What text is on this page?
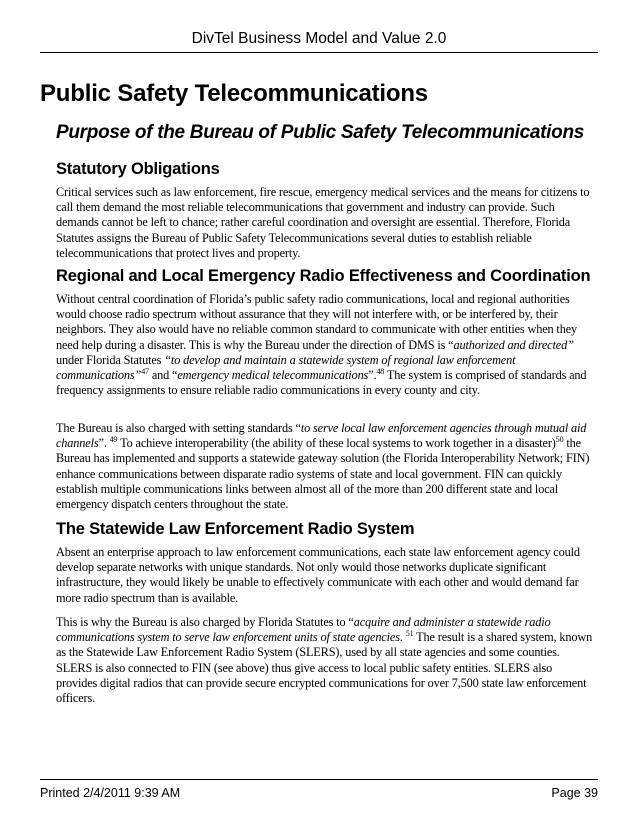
DivTel Business Model and Value 2.0
Public Safety Telecommunications
Purpose of the Bureau of Public Safety Telecommunications
Statutory Obligations

Critical services such as law enforcement, fire rescue, emergency medical services and the means for citizens to call them demand the most reliable telecommunications that government and industry can provide. Such demands cannot be left to chance; rather careful coordination and oversight are essential. Therefore, Florida Statutes assigns the Bureau of Public Safety Telecommunications several duties to establish reliable telecommunications that protect lives and property.

Regional and Local Emergency Radio Effectiveness and Coordination

Without central coordination of Florida’s public safety radio communications, local and regional authorities would choose radio spectrum without assurance that they will not interfere with, or be interfered by, their neighbors. They also would have no reliable common standard to communicate with other entities when they need help during a disaster. This is why the Bureau under the direction of DMS is “authorized and directed” under Florida Statutes “to develop and maintain a statewide system of regional law enforcement communications”$^{47}$ and “emergency medical telecommunications”.$^{48}$ The system is comprised of standards and frequency assignments to ensure reliable radio communications in every county and city.

The Bureau is also charged with setting standards “to serve local law enforcement agencies through mutual aid channels”. $^{49}$ To achieve interoperability (the ability of these local systems to work together in a disaster)$^{50}$ the Bureau has implemented and supports a statewide gateway solution (the Florida Interoperability Network; FIN) enhance communications between disparate radio systems of state and local government. FIN can quickly establish multiple communications links between almost all of the more than 200 different state and local emergency dispatch centers throughout the state.

The Statewide Law Enforcement Radio System

Absent an enterprise approach to law enforcement communications, each state law enforcement agency could develop separate networks with unique standards. Not only would those networks duplicate significant infrastructure, they would likely be unable to effectively communicate with each other and would demand far more radio spectrum than is available.

This is why the Bureau is also charged by Florida Statutes to “acquire and administer a statewide radio communications system to serve law enforcement units of state agencies. $^{51}$ The result is a shared system, known as the Statewide Law Enforcement Radio System (SLERS), used by all state agencies and some counties. SLERS is also connected to FIN (see above) thus give access to local public safety entities. SLERS also provides digital radios that can provide secure encrypted communications for over 7,500 state law enforcement officers.

Printed 2/4/2011 9:39 AM	Page 39
